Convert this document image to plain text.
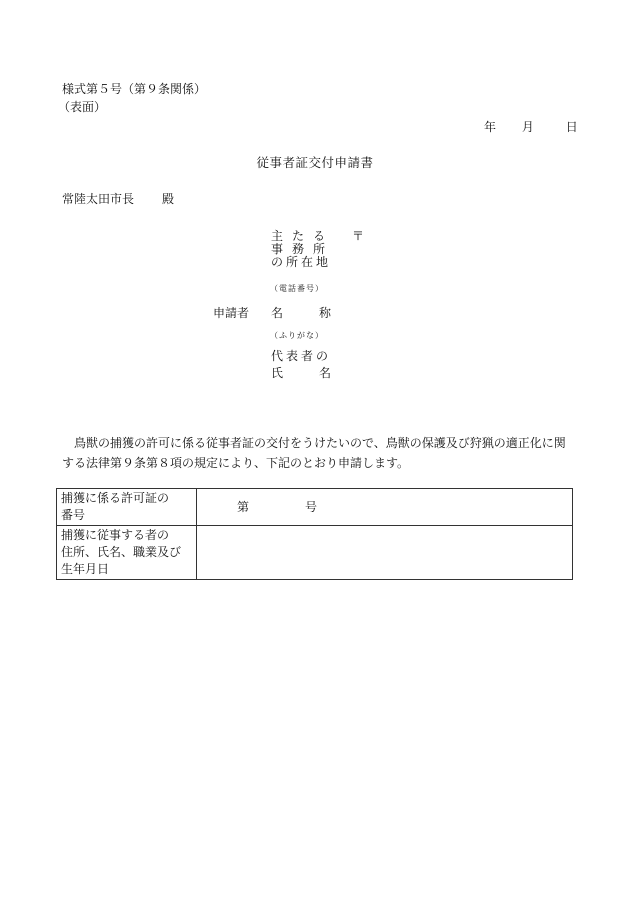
様式第５号（第９条関係）
（表面）
年 月	日
従事者証交付申請書
常陸太田市長 殿
主たる 〒
事務所
の所在地
（電話番号）
申請者 名称
（ふりがな）
代表者の
氏名
鳥獣の捕獲の許可に係る従事者証の交付をうけたいので、鳥獣の保護及び狩猟の適正化に関する法律第９条第８項の規定により、下記のとおり申請します。
捕獲に係る許可証の
番号	第 号

捕獲に従事する者の
住所、氏名、職業及び
生年月日	
